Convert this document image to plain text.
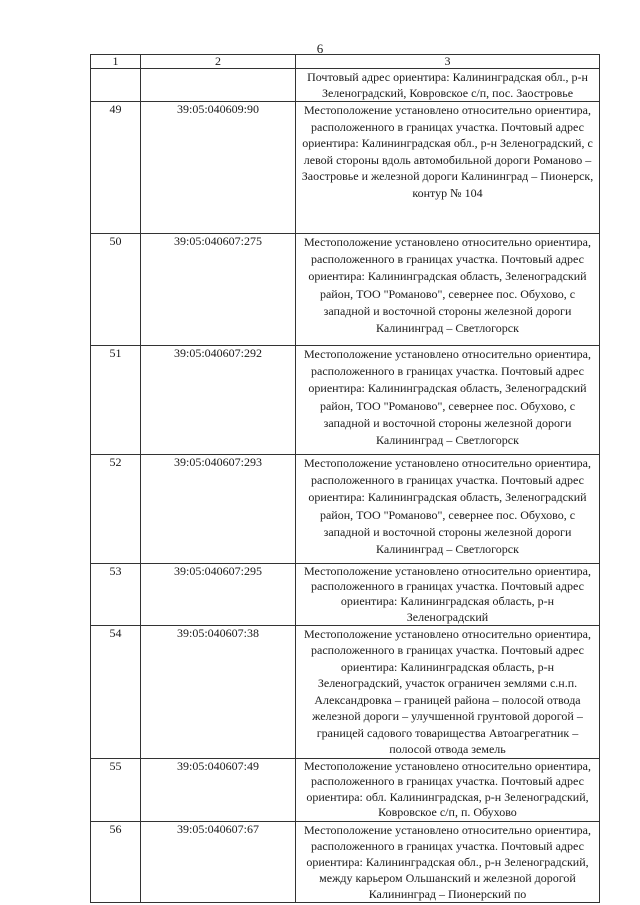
6
1	2	3
		Почтовый адрес ориентира: Калининградская обл., р-н Зеленоградский, Ковровское с/п, пос. Заостровье
49	39:05:040609:90	Местоположение установлено относительно ориентира, расположенного в границах участка. Почтовый адрес ориентира: Калининградская обл., р-н Зеленоградский, с левой стороны вдоль автомобильной дороги Романово – Заостровье и железной дороги Калининград – Пионерск, контур № 104
50	39:05:040607:275	Местоположение установлено относительно ориентира, расположенного в границах участка. Почтовый адрес ориентира: Калининградская область, Зеленоградский район, ТОО "Романово", севернее пос. Обухово, с западной и восточной стороны железной дороги Калининград – Светлогорск
51	39:05:040607:292	Местоположение установлено относительно ориентира, расположенного в границах участка. Почтовый адрес ориентира: Калининградская область, Зеленоградский район, ТОО "Романово", севернее пос. Обухово, с западной и восточной стороны железной дороги Калининград – Светлогорск
52	39:05:040607:293	Местоположение установлено относительно ориентира, расположенного в границах участка. Почтовый адрес ориентира: Калининградская область, Зеленоградский район, ТОО "Романово", севернее пос. Обухово, с западной и восточной стороны железной дороги Калининград – Светлогорск
53	39:05:040607:295	Местоположение установлено относительно ориентира, расположенного в границах участка. Почтовый адрес ориентира: Калининградская область, р-н Зеленоградский
54	39:05:040607:38	Местоположение установлено относительно ориентира, расположенного в границах участка. Почтовый адрес ориентира: Калининградская область, р-н Зеленоградский, участок ограничен землями с.н.п. Александровка – границей района – полосой отвода железной дороги – улучшенной грунтовой дорогой – границей садового товарищества Автоагрегатник – полосой отвода земель
55	39:05:040607:49	Местоположение установлено относительно ориентира, расположенного в границах участка. Почтовый адрес ориентира: обл. Калининградская, р-н Зеленоградский, Ковровское с/п, п. Обухово
56	39:05:040607:67	Местоположение установлено относительно ориентира, расположенного в границах участка. Почтовый адрес ориентира: Калининградская обл., р-н Зеленоградский, между карьером Ольшанский и железной дорогой Калининград – Пионерский по
